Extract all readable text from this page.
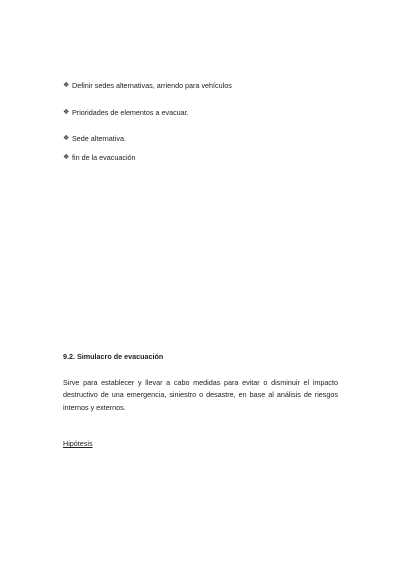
❖ Definir sedes alternativas, arriendo para vehículos
❖ Prioridades de elementos a evacuar.
❖ Sede alternativa.
❖ fin de la evacuación
9.2. Simulacro de evacuación
Sirve para establecer y llevar a cabo medidas para evitar o disminuir el impacto destructivo de una emergencia, siniestro o desastre, en base al análisis de riesgos internos y externos.
Hipótesis
